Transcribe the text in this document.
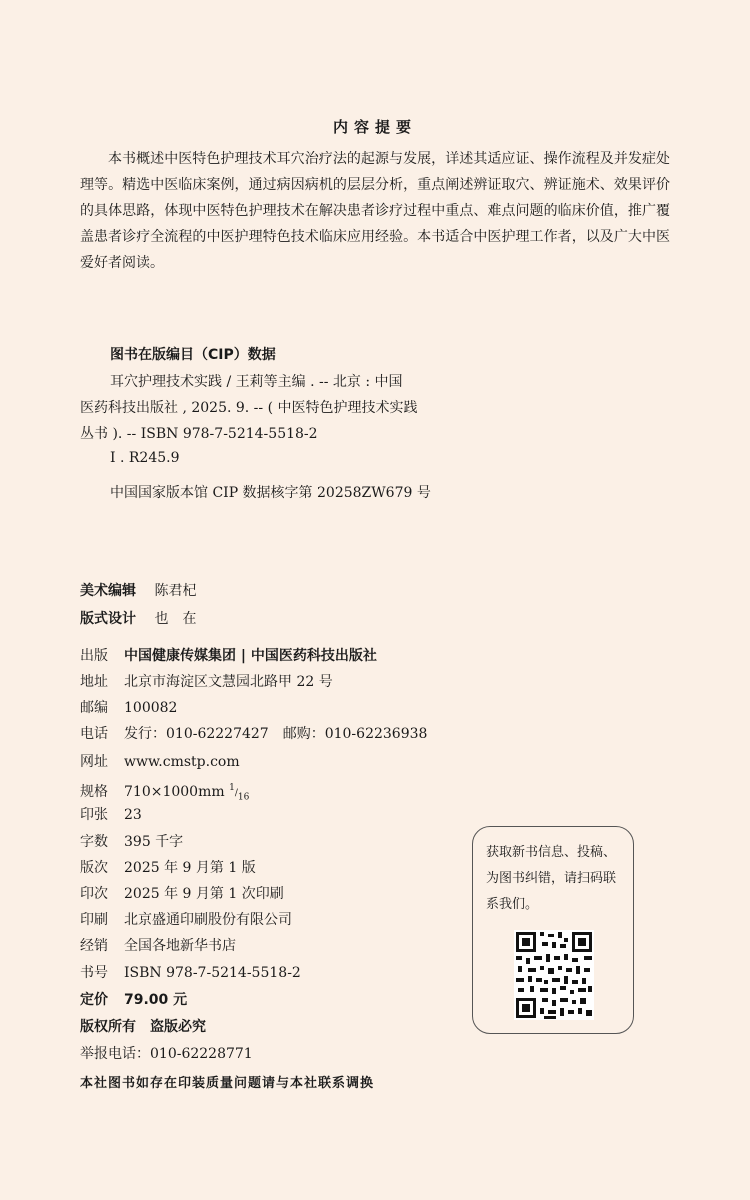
内容提要
本书概述中医特色护理技术耳穴治疗法的起源与发展，详述其适应证、操作流程及并发症处理等。精选中医临床案例，通过病因病机的层层分析，重点阐述辨证取穴、辨证施术、效果评价的具体思路，体现中医特色护理技术在解决患者诊疗过程中重点、难点问题的临床价值，推广覆盖患者诊疗全流程的中医护理特色技术临床应用经验。本书适合中医护理工作者，以及广大中医爱好者阅读。
图书在版编目（CIP）数据
耳穴护理技术实践 / 王莉等主编 . -- 北京 : 中国
医药科技出版社 , 2025. 9. -- ( 中医特色护理技术实践
丛书 ). -- ISBN 978-7-5214-5518-2
Ⅰ . R245.9
中国国家版本馆 CIP 数据核字第 20258ZW679 号
美术编辑 陈君杞
版式设计 也　在
出版 中国健康传媒集团 | 中国医药科技出版社
地址 北京市海淀区文慧园北路甲 22 号
邮编 100082
电话 发行：010-62227427　邮购：010-62236938
网址 www.cmstp.com
规格 710×1000mm $^1/_{16}$
印张 23
字数 395 千字
版次 2025 年 9 月第 1 版
印次 2025 年 9 月第 1 次印刷
印刷 北京盛通印刷股份有限公司
经销 全国各地新华书店
书号 ISBN 978-7-5214-5518-2
定价 79.00 元
版权所有　盗版必究
举报电话：010-62228771
获取新书信息、投稿、为图书纠错，请扫码联系我们。
本社图书如存在印装质量问题请与本社联系调换
